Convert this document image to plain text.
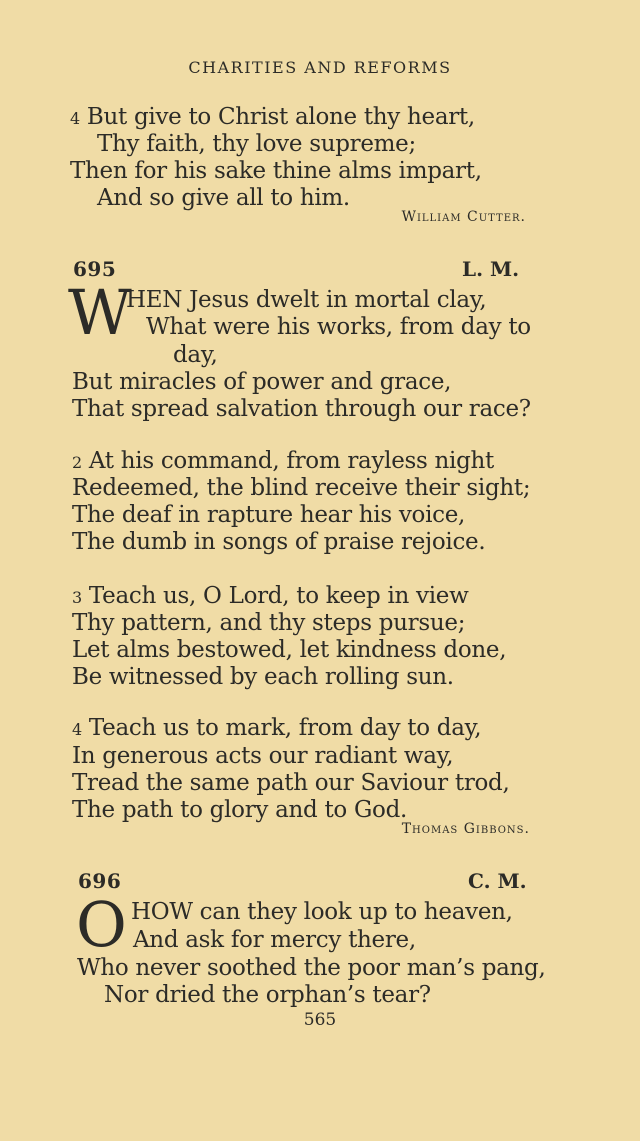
CHARITIES AND REFORMS
4 But give to Christ alone thy heart,
Thy faith, thy love supreme;
Then for his sake thine alms impart,
And so give all to him.
William Cutter.
695	L. M.
W
HEN Jesus dwelt in mortal clay,
What were his works, from day to
day,
But miracles of power and grace,
That spread salvation through our race?
2 At his command, from rayless night
Redeemed, the blind receive their sight;
The deaf in rapture hear his voice,
The dumb in songs of praise rejoice.
3 Teach us, O Lord, to keep in view
Thy pattern, and thy steps pursue;
Let alms bestowed, let kindness done,
Be witnessed by each rolling sun.
4 Teach us to mark, from day to day,
In generous acts our radiant way,
Tread the same path our Saviour trod,
The path to glory and to God.
Thomas Gibbons.
696	C. M.
O HOW can they look up to heaven,
And ask for mercy there,
Who never soothed the poor man’s pang,
Nor dried the orphan’s tear?
565
